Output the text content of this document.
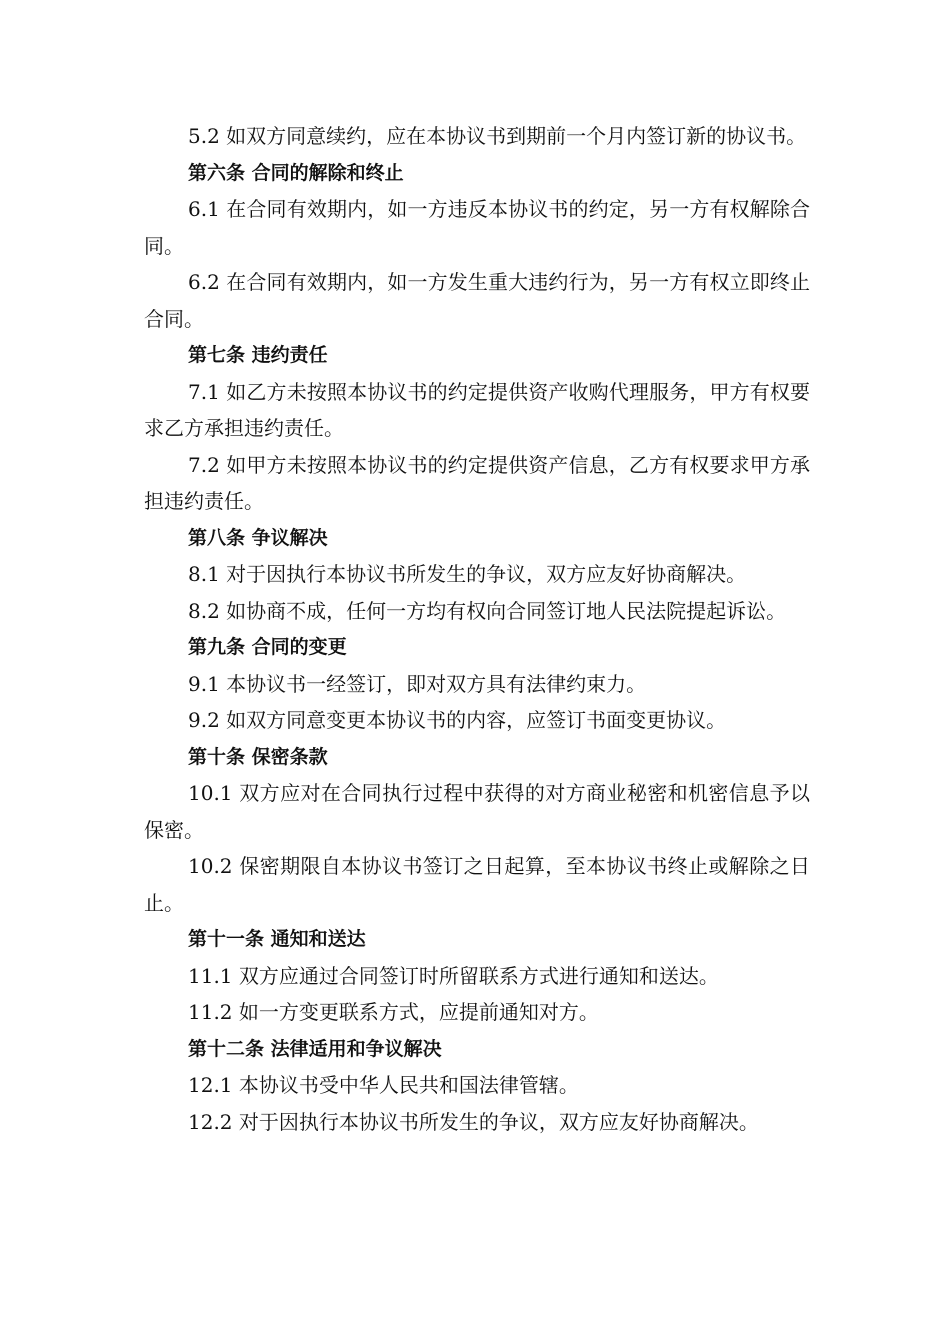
5.2 如双方同意续约，应在本协议书到期前一个月内签订新的协议书。

第六条 合同的解除和终止

6.1 在合同有效期内，如一方违反本协议书的约定，另一方有权解除合同。

6.2 在合同有效期内，如一方发生重大违约行为，另一方有权立即终止合同。

第七条 违约责任

7.1 如乙方未按照本协议书的约定提供资产收购代理服务，甲方有权要求乙方承担违约责任。

7.2 如甲方未按照本协议书的约定提供资产信息，乙方有权要求甲方承担违约责任。

第八条 争议解决

8.1 对于因执行本协议书所发生的争议，双方应友好协商解决。

8.2 如协商不成，任何一方均有权向合同签订地人民法院提起诉讼。

第九条 合同的变更

9.1 本协议书一经签订，即对双方具有法律约束力。

9.2 如双方同意变更本协议书的内容，应签订书面变更协议。

第十条 保密条款

10.1 双方应对在合同执行过程中获得的对方商业秘密和机密信息予以保密。

10.2 保密期限自本协议书签订之日起算，至本协议书终止或解除之日止。

第十一条 通知和送达

11.1 双方应通过合同签订时所留联系方式进行通知和送达。

11.2 如一方变更联系方式，应提前通知对方。

第十二条 法律适用和争议解决

12.1 本协议书受中华人民共和国法律管辖。

12.2 对于因执行本协议书所发生的争议，双方应友好协商解决。
